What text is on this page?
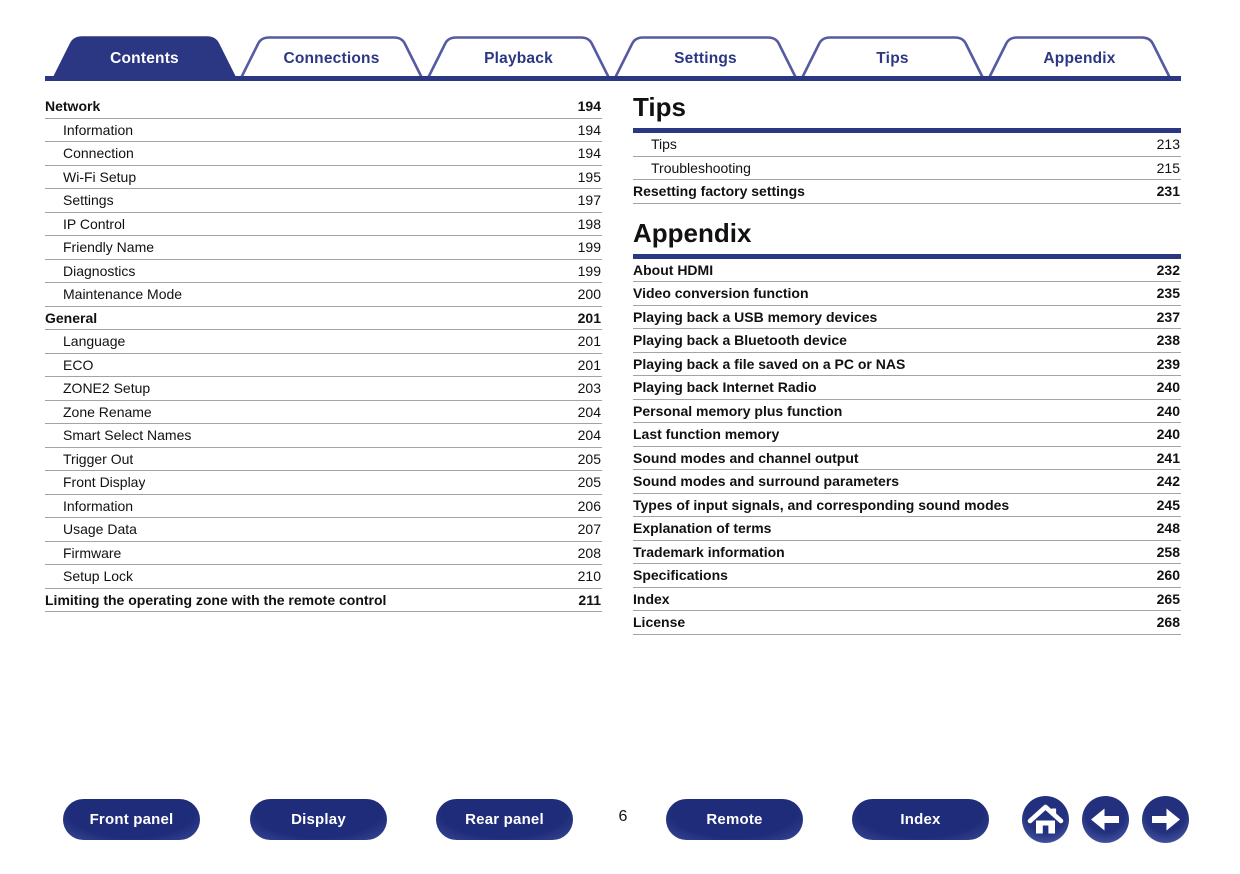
Contents	Connections	Playback	Settings	Tips	Appendix
Network	194
Information	194
Connection	194
Wi-Fi Setup	195
Settings	197
IP Control	198
Friendly Name	199
Diagnostics	199
Maintenance Mode	200
General	201
Language	201
ECO	201
ZONE2 Setup	203
Zone Rename	204
Smart Select Names	204
Trigger Out	205
Front Display	205
Information	206
Usage Data	207
Firmware	208
Setup Lock	210
Limiting the operating zone with the remote control	211
Tips
Tips	213
Troubleshooting	215
Resetting factory settings	231
Appendix
About HDMI	232
Video conversion function	235
Playing back a USB memory devices	237
Playing back a Bluetooth device	238
Playing back a file saved on a PC or NAS	239
Playing back Internet Radio	240
Personal memory plus function	240
Last function memory	240
Sound modes and channel output	241
Sound modes and surround parameters	242
Types of input signals, and corresponding sound modes	245
Explanation of terms	248
Trademark information	258
Specifications	260
Index	265
License	268
Front panel	Display	Rear panel	Remote	Index
6
